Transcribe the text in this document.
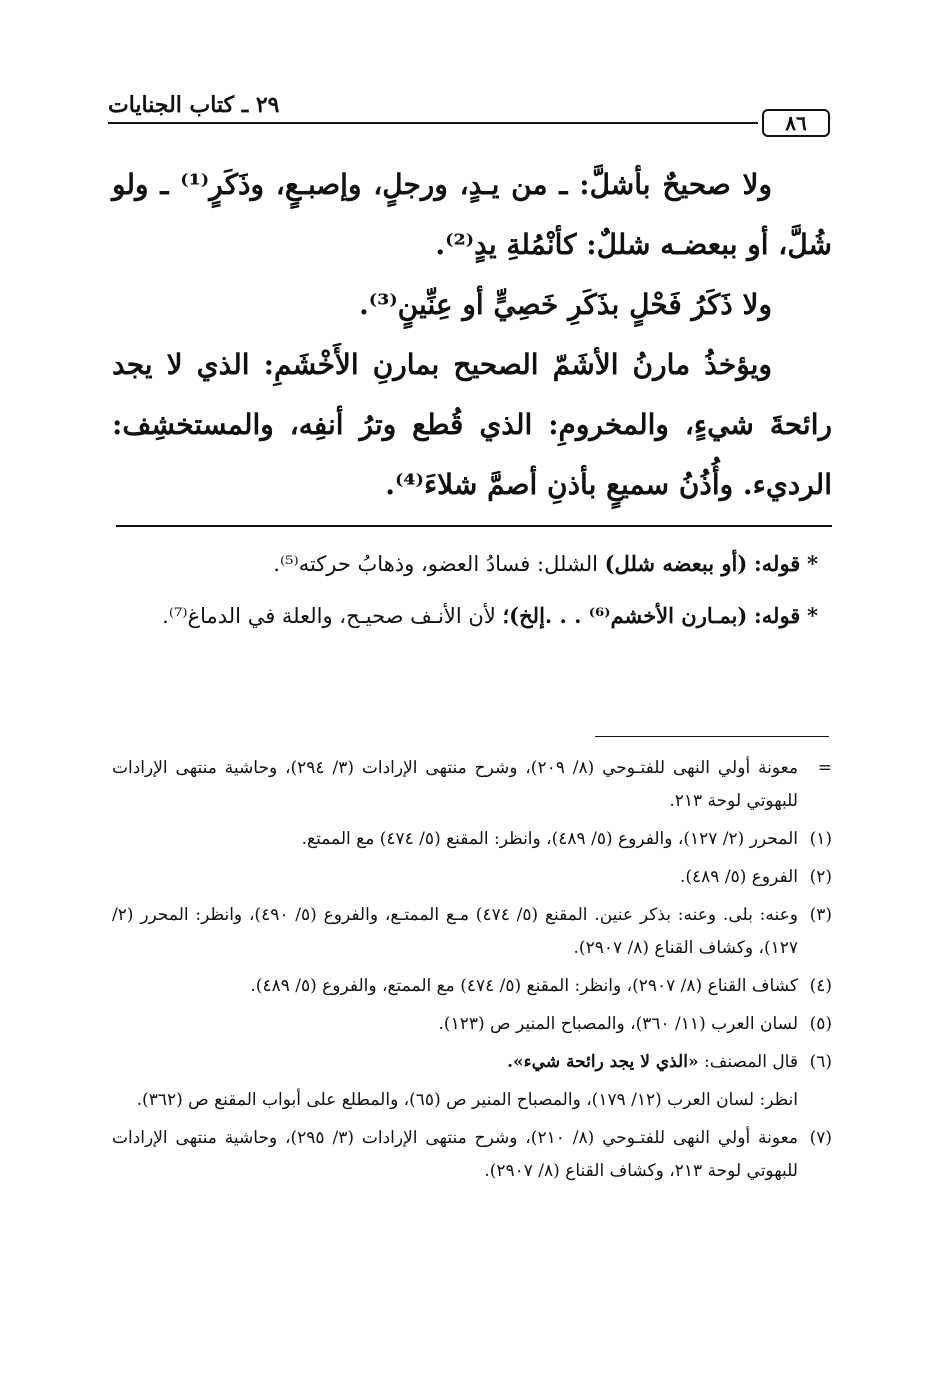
٢٩ ـ كتاب الجنايات
٨٦

ولا صحيحٌ بأشلَّ: ـ من يـدٍ، ورجلٍ، وإصبـعٍ، وذَكَرٍ⁽¹⁾ ـ ولو شُلَّ، أو ببعضـه شللٌ: كأنْمُلةِ يدٍ⁽²⁾.

ولا ذَكَرُ فَحْلٍ بذَكَرِ خَصِيٍّ أو عِنِّينٍ⁽³⁾.

ويؤخذُ مارنُ الأشَمّ الصحيح بمارنِ الأَخْشَمِ: الذي لا يجد رائحةَ شيءٍ، والمخرومِ: الذي قُطع وترُ أنفِه، والمستخشِف: الرديء. وأُذُنُ سميعٍ بأذنِ أصمَّ شلاءَ⁽⁴⁾.

* قوله: (أو ببعضه شلل) الشلل: فسادُ العضو، وذهابُ حركته⁽⁵⁾.

* قوله: (بمـارن الأخشم⁽⁶⁾ . . .إلخ)؛ لأن الأنـف صحيـح، والعلة في الدماغ⁽⁷⁾.

=
معونة أولي النهى للفتـوحي (٨/ ٢٠٩)، وشرح منتهى الإرادات (٣/ ٢٩٤)، وحاشية منتهى الإرادات للبهوتي لوحة ٢١٣.
(١)
المحرر (٢/ ١٢٧)، والفروع (٥/ ٤٨٩)، وانظر: المقنع (٥/ ٤٧٤) مع الممتع.
(٢)
الفروع (٥/ ٤٨٩).
(٣)
وعنه: بلى. وعنه: بذكر عنين. المقنع (٥/ ٤٧٤) مـع الممتـع، والفروع (٥/ ٤٩٠)، وانظر: المحرر (٢/ ١٢٧)، وكشاف القناع (٨/ ٢٩٠٧).
(٤)
كشاف القناع (٨/ ٢٩٠٧)، وانظر: المقنع (٥/ ٤٧٤) مع الممتع، والفروع (٥/ ٤٨٩).
(٥)
لسان العرب (١١/ ٣٦٠)، والمصباح المنير ص (١٢٣).
(٦)
قال المصنف: «الذي لا يجد رائحة شيء».
انظر: لسان العرب (١٢/ ١٧٩)، والمصباح المنير ص (٦٥)، والمطلع على أبواب المقنع ص (٣٦٢).
(٧)
معونة أولي النهى للفتـوحي (٨/ ٢١٠)، وشرح منتهى الإرادات (٣/ ٢٩٥)، وحاشية منتهى الإرادات للبهوتي لوحة ٢١٣، وكشاف القناع (٨/ ٢٩٠٧).
